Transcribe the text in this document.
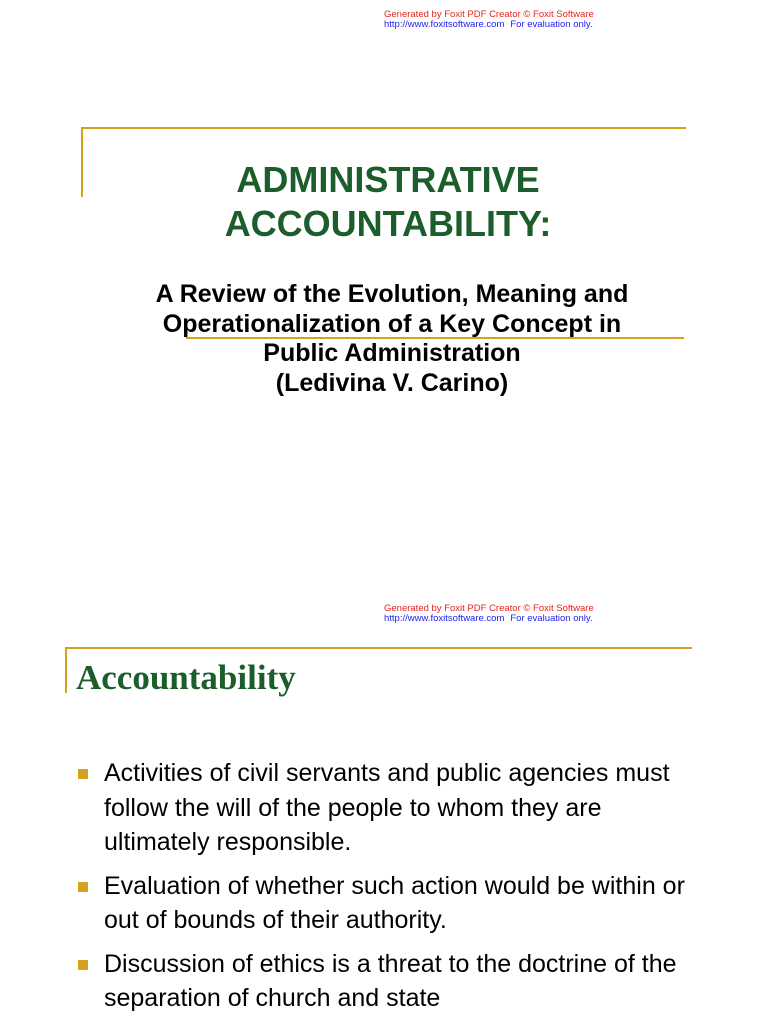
Generated by Foxit PDF Creator © Foxit Software
http://www.foxitsoftware.com For evaluation only.
ADMINISTRATIVE
ACCOUNTABILITY:
A Review of the Evolution, Meaning and
Operationalization of a Key Concept in
Public Administration
(Ledivina V. Carino)
Generated by Foxit PDF Creator © Foxit Software
http://www.foxitsoftware.com For evaluation only.
Accountability
Activities of civil servants and public agencies must follow the will of the people to whom they are ultimately responsible.
Evaluation of whether such action would be within or out of bounds of their authority.
Discussion of ethics is a threat to the doctrine of the separation of church and state
